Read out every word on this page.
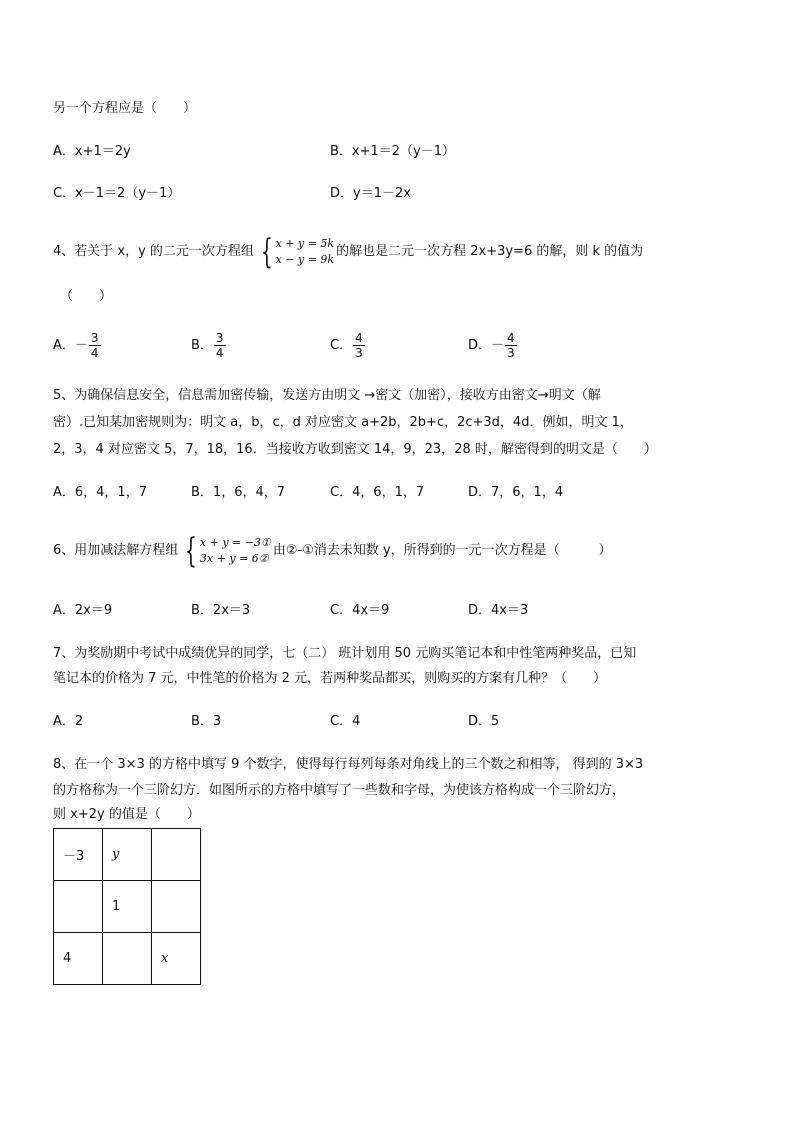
另一个方程应是（　　）
A．x+1＝2y	B．x+1＝2（y－1）
C．x－1＝2（y－1）	D．y＝1－2x
4、若关于 x，y 的二元一次方程组 { x + y = 5k
x − y = 9k 的解也是二元一次方程 2x+3y=6 的解，则 k 的值为
（　　）
A．－ $\frac{3}{4}$	B． $\frac{3}{4}$	C． $\frac{4}{3}$	D．－ $\frac{4}{3}$
5、为确保信息安全，信息需加密传输，发送方由明文 →密文（加密），接收方由密文→明文（解
密）.已知某加密规则为：明文 a，b，c，d 对应密文 a+2b，2b+c，2c+3d，4d．例如，明文 1，
2，3，4 对应密文 5，7，18，16．当接收方收到密文 14，9，23，28 时，解密得到的明文是（　　）
A．6，4，1，7	B．1，6，4，7	C．4，6，1，7	D．7，6，1，4
6、用加减法解方程组 { x + y = −3①
3x + y = 6② 由②-①消去未知数 y，所得到的一元一次方程是（　　　）
A．2x＝9	B．2x＝3	C．4x＝9	D．4x＝3
7、为奖励期中考试中成绩优异的同学，七（二） 班计划用 50 元购买笔记本和中性笔两种奖品，已知
笔记本的价格为 7 元，中性笔的价格为 2 元，若两种奖品都买，则购买的方案有几种？（　　）
A．2	B．3	C．4	D．5
8、在一个 3×3 的方格中填写 9 个数字，使得每行每列每条对角线上的三个数之和相等， 得到的 3×3
的方格称为一个三阶幻方．如图所示的方格中填写了一些数和字母，为使该方格构成一个三阶幻方，
则 x+2y 的值是（　　）
－3	y	
	1	
4		x
